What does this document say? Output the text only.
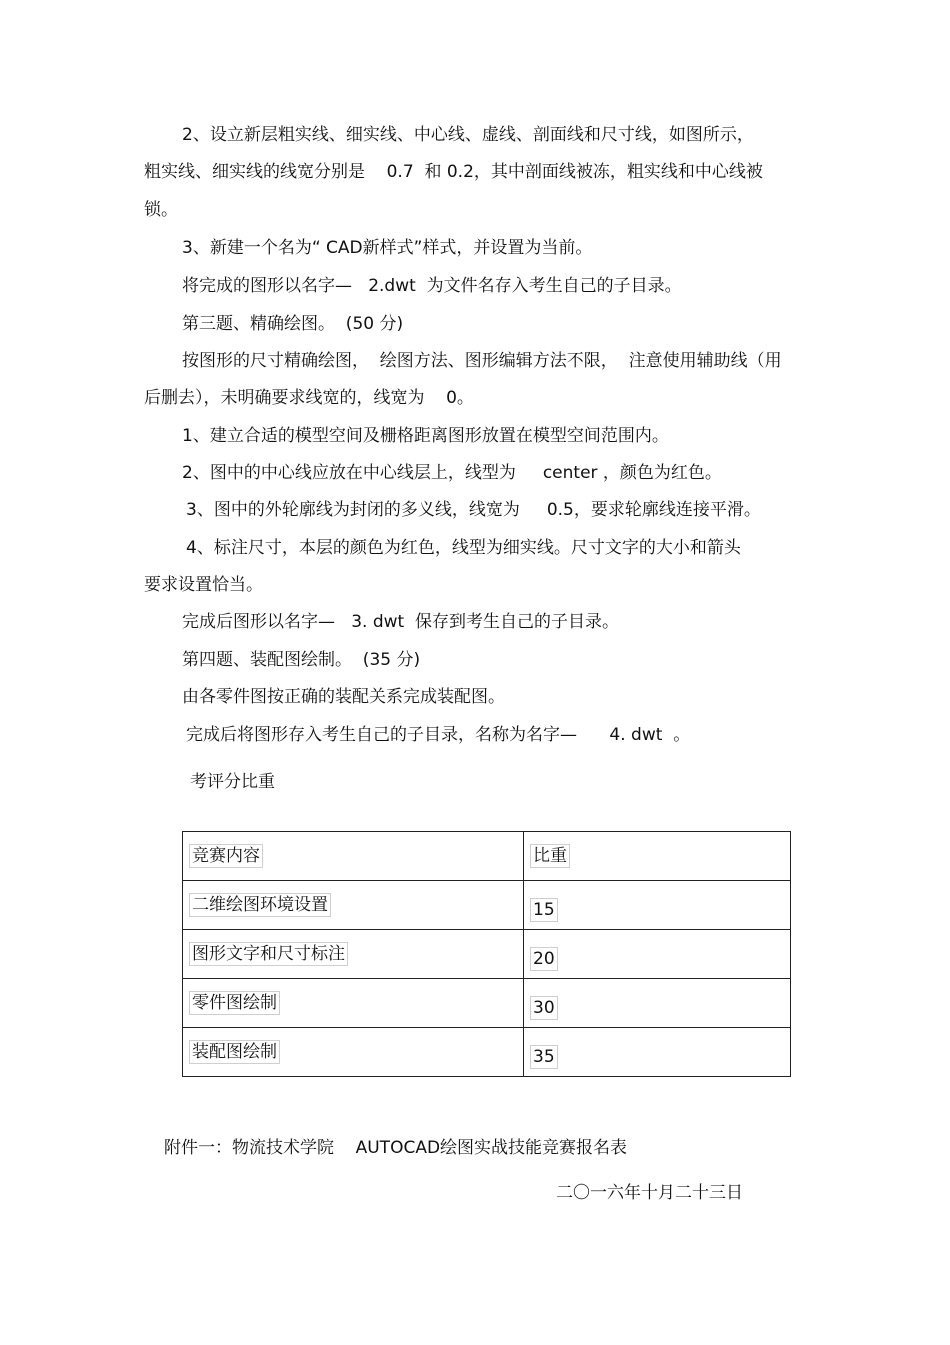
2、设立新层粗实线、细实线、中心线、虚线、剖面线和尺寸线，如图所示，
粗实线、细实线的线宽分别是    0.7  和 0.2，其中剖面线被冻，粗实线和中心线被
锁。
3、新建一个名为“ CAD新样式”样式，并设置为当前。
将完成的图形以名字—   2.dwt  为文件名存入考生自己的子目录。
第三题、精确绘图。  (50 分)
按图形的尺寸精确绘图，  绘图方法、图形编辑方法不限，  注意使用辅助线（用
后删去），未明确要求线宽的，线宽为    0。
1、建立合适的模型空间及栅格距离图形放置在模型空间范围内。
2、图中的中心线应放在中心线层上，线型为     center ，颜色为红色。
3、图中的外轮廓线为封闭的多义线，线宽为     0.5，要求轮廓线连接平滑。
4、标注尺寸，本层的颜色为红色，线型为细实线。尺寸文字的大小和箭头
要求设置恰当。
完成后图形以名字—   3. dwt  保存到考生自己的子目录。
第四题、装配图绘制。  (35 分)
由各零件图按正确的装配关系完成装配图。
完成后将图形存入考生自己的子目录，名称为名字—      4. dwt  。
考评分比重
竞赛内容	比重
二维绘图环境设置	15
图形文字和尺寸标注	20
零件图绘制	30
装配图绘制	35
附件一：物流技术学院    AUTOCAD绘图实战技能竞赛报名表
二〇一六年十月二十三日
